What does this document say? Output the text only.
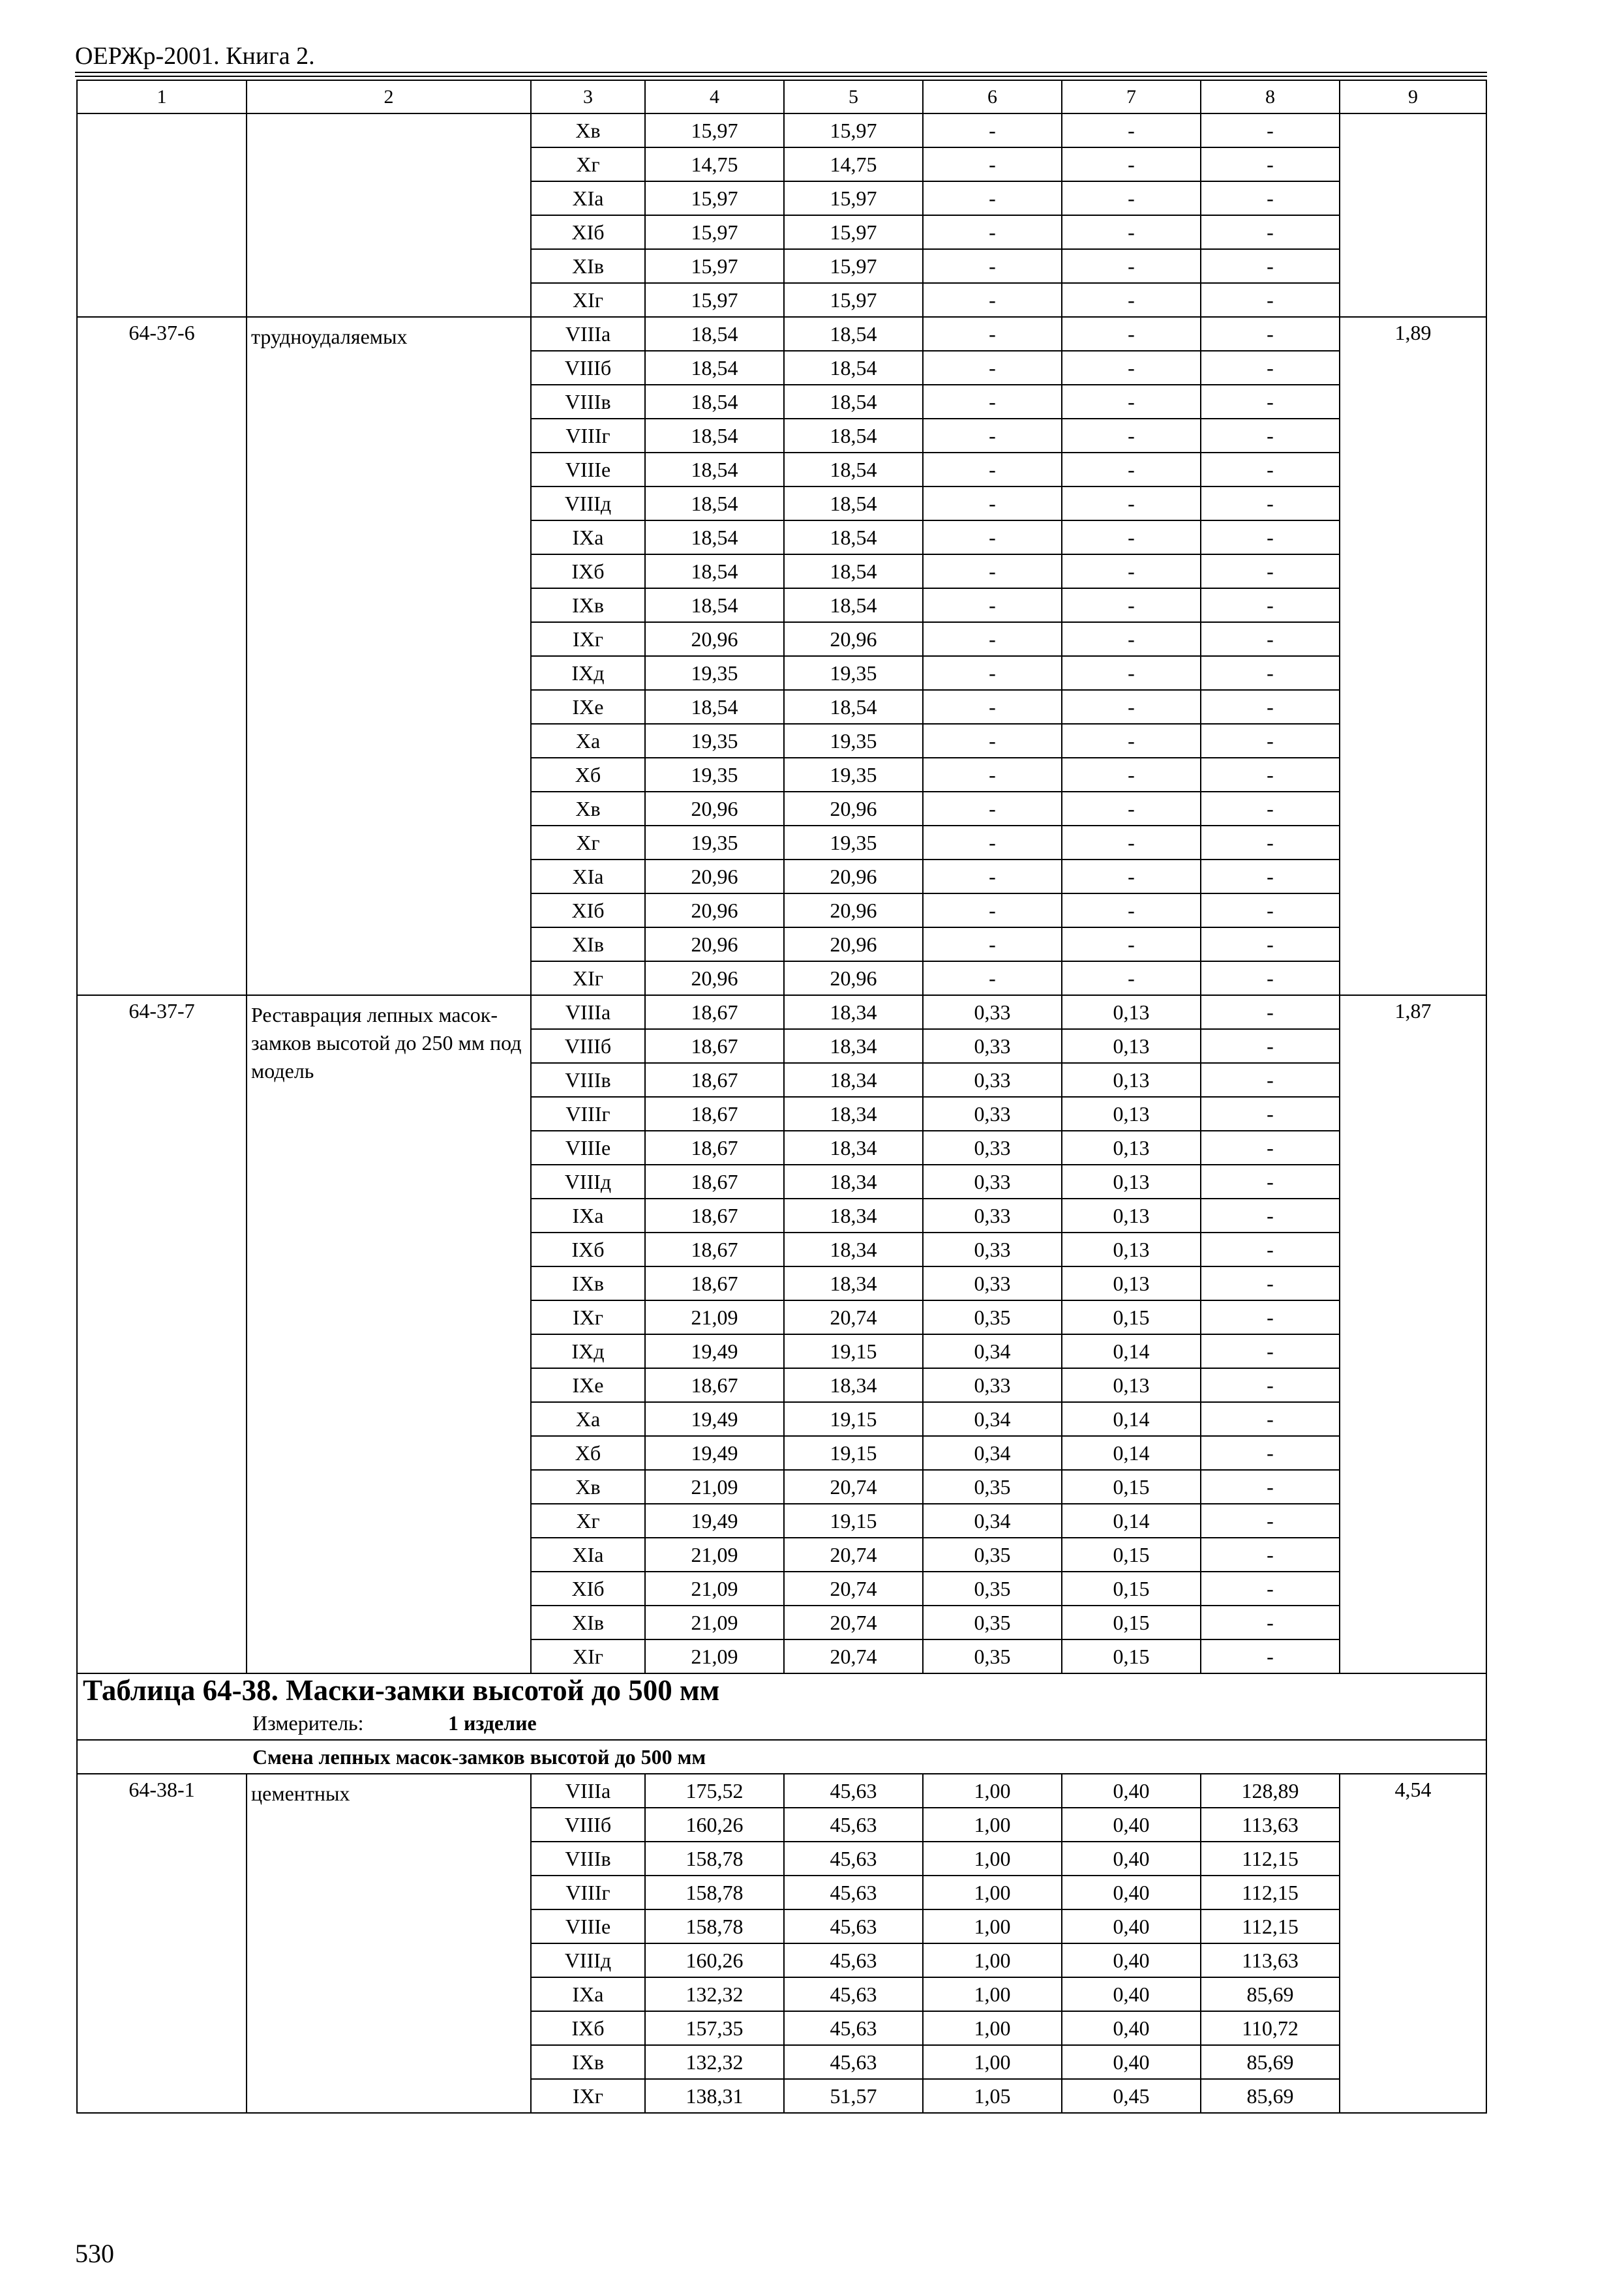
ОЕРЖр-2001. Книга 2.
1	2	3	4	5	6	7	8	9
		Xв	15,97	15,97	-	-	-	
		Xг	14,75	14,75	-	-	-	
		XIа	15,97	15,97	-	-	-	
		XIб	15,97	15,97	-	-	-	
		XIв	15,97	15,97	-	-	-	
		XIг	15,97	15,97	-	-	-	
64-37-6	трудноудаляемых	VIIIа	18,54	18,54	-	-	-	1,89
		VIIIб	18,54	18,54	-	-	-	
		VIIIв	18,54	18,54	-	-	-	
		VIIIг	18,54	18,54	-	-	-	
		VIIIе	18,54	18,54	-	-	-	
		VIIIд	18,54	18,54	-	-	-	
		IXа	18,54	18,54	-	-	-	
		IXб	18,54	18,54	-	-	-	
		IXв	18,54	18,54	-	-	-	
		IXг	20,96	20,96	-	-	-	
		IXд	19,35	19,35	-	-	-	
		IXе	18,54	18,54	-	-	-	
		Xа	19,35	19,35	-	-	-	
		Xб	19,35	19,35	-	-	-	
		Xв	20,96	20,96	-	-	-	
		Xг	19,35	19,35	-	-	-	
		XIа	20,96	20,96	-	-	-	
		XIб	20,96	20,96	-	-	-	
		XIв	20,96	20,96	-	-	-	
		XIг	20,96	20,96	-	-	-	
64-37-7	Реставрация лепных масок-замков высотой до 250 мм под модель	VIIIа	18,67	18,34	0,33	0,13	-	1,87
		VIIIб	18,67	18,34	0,33	0,13	-	
		VIIIв	18,67	18,34	0,33	0,13	-	
		VIIIг	18,67	18,34	0,33	0,13	-	
		VIIIе	18,67	18,34	0,33	0,13	-	
		VIIIд	18,67	18,34	0,33	0,13	-	
		IXа	18,67	18,34	0,33	0,13	-	
		IXб	18,67	18,34	0,33	0,13	-	
		IXв	18,67	18,34	0,33	0,13	-	
		IXг	21,09	20,74	0,35	0,15	-	
		IXд	19,49	19,15	0,34	0,14	-	
		IXе	18,67	18,34	0,33	0,13	-	
		Xа	19,49	19,15	0,34	0,14	-	
		Xб	19,49	19,15	0,34	0,14	-	
		Xв	21,09	20,74	0,35	0,15	-	
		Xг	19,49	19,15	0,34	0,14	-	
		XIа	21,09	20,74	0,35	0,15	-	
		XIб	21,09	20,74	0,35	0,15	-	
		XIв	21,09	20,74	0,35	0,15	-	
		XIг	21,09	20,74	0,35	0,15	-	
Таблица 64-38. Маски-замки высотой до 500 мм								
Измеритель: 1 изделие								
Смена лепных масок-замков высотой до 500 мм								
64-38-1	цементных	VIIIа	175,52	45,63	1,00	0,40	128,89	4,54
		VIIIб	160,26	45,63	1,00	0,40	113,63	
		VIIIв	158,78	45,63	1,00	0,40	112,15	
		VIIIг	158,78	45,63	1,00	0,40	112,15	
		VIIIе	158,78	45,63	1,00	0,40	112,15	
		VIIIд	160,26	45,63	1,00	0,40	113,63	
		IXа	132,32	45,63	1,00	0,40	85,69	
		IXб	157,35	45,63	1,00	0,40	110,72	
		IXв	132,32	45,63	1,00	0,40	85,69	
		IXг	138,31	51,57	1,05	0,45	85,69	
530
